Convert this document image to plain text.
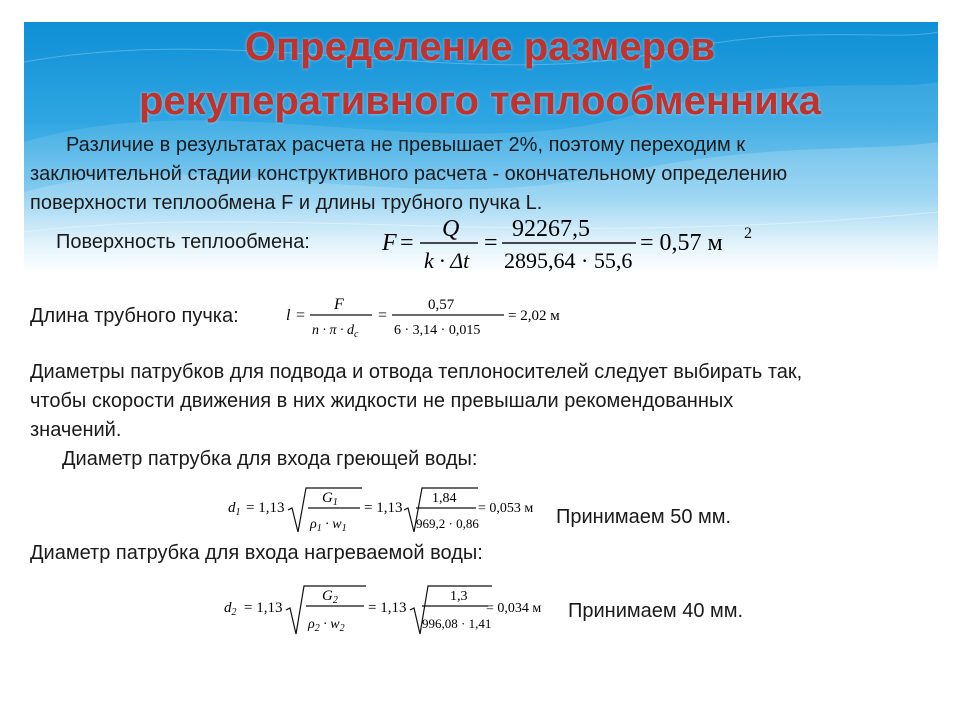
Определение размеров
рекуперативного теплообменника
Различие в результатах расчета не превышает 2%, поэтому переходим к
заключительной стадии конструктивного расчета - окончательному определению
поверхности теплообмена F и длины трубного пучка L.
Поверхность теплообмена:	F =
Q
k · Δt
=
92267,5
2895,64 · 55,6
= 0,57 м 2
Длина трубного пучка:	l =
F
$n \cdot \pi \cdot d_c$
=
0,57
6 · 3,14 · 0,015
= 2,02 м
Диаметры патрубков для подвода и отвода теплоносителей следует выбирать так,
чтобы скорости движения в них жидкости не превышали рекомендованных
значений.
Диаметр патрубка для входа греющей воды:
$d_1 = 1,13$
$G_1$
$\rho_1 \cdot w_1$
= 1,13
1,84
969,2 · 0,86
= 0,053 м Принимаем 50 мм.
Диаметр патрубка для входа нагреваемой воды:
$d_2 = 1,13$
$G_2$
$\rho_2 \cdot w_2$
= 1,13
1,3
996,08 · 1,41
= 0,034 м Принимаем 40 мм.
